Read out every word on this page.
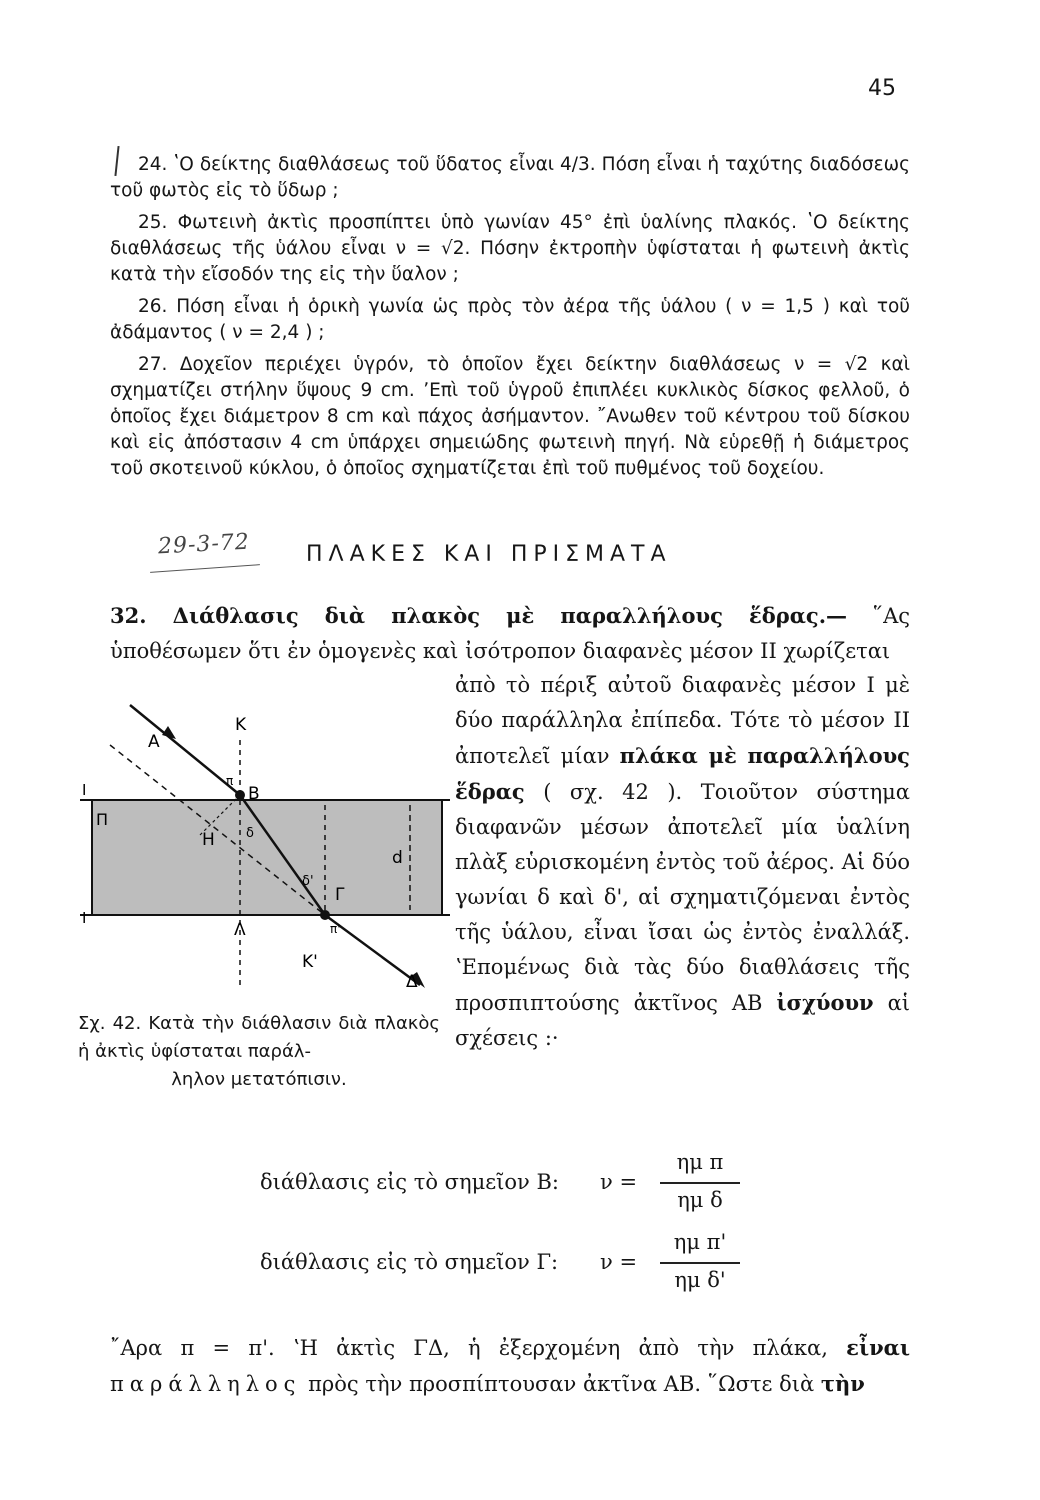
45

24. ʽΟ δείκτης διαθλάσεως τοῦ ὕδατος εἶναι 4/3. Πόση εἶναι ἡ ταχύτης διαδόσεως τοῦ φωτὸς εἰς τὸ ὕδωρ ;

25. Φωτεινὴ ἀκτὶς προσπίπτει ὑπὸ γωνίαν 45° ἐπὶ ὑαλίνης πλακός. ʽΟ δείκτης διαθλάσεως τῆς ὑάλου εἶναι ν = √2. Πόσην ἐκτροπὴν ὑφίσταται ἡ φωτεινὴ ἀκτὶς κατὰ τὴν εἴσοδόν της εἰς τὴν ὕαλον ;

26. Πόση εἶναι ἡ ὁρικὴ γωνία ὡς πρὸς τὸν ἀέρα τῆς ὑάλου ( ν = 1,5 ) καὶ τοῦ ἀδάμαντος ( ν = 2,4 ) ;

27. Δοχεῖον περιέχει ὑγρόν, τὸ ὁποῖον ἔχει δείκτην διαθλάσεως ν = √2 καὶ σχηματίζει στήλην ὕψους 9 cm. ʼΕπὶ τοῦ ὑγροῦ ἐπιπλέει κυκλικὸς δίσκος φελλοῦ, ὁ ὁποῖος ἔχει διάμετρον 8 cm καὶ πάχος ἀσήμαντον. ῎Ανωθεν τοῦ κέντρου τοῦ δίσκου καὶ εἰς ἀπόστασιν 4 cm ὑπάρχει σημειώδης φωτεινὴ πηγή. Νὰ εὑρεθῇ ἡ διάμετρος τοῦ σκοτεινοῦ κύκλου, ὁ ὁποῖος σχηματίζεται ἐπὶ τοῦ πυθμένος τοῦ δοχείου.

29-3-72	ΠΛΑΚΕΣ ΚΑΙ ΠΡΙΣΜΑΤΑ
32. Διάθλασις διὰ πλακὸς μὲ παραλλήλους ἕδρας.— ῞Ας ὑποθέσωμεν ὅτι ἐν ὁμογενὲς καὶ ἰσότροπον διαφανὲς μέσον ΙΙ χωρίζεται
Α
Κ
π
Β
I
Π
Η δ
δ'
Γ
d
I
Λ	π'
Κ'
Δ
Σχ. 42. Κατὰ τὴν διάθλασιν διὰ πλακὸς ἡ ἀκτὶς ὑφίσταται παράλ-
ληλον μετατόπισιν.
ἀπὸ τὸ πέριξ αὐτοῦ διαφανὲς μέσον Ι μὲ δύο παράλληλα ἐπίπεδα. Τότε τὸ μέσον ΙΙ ἀποτελεῖ μίαν πλάκα μὲ παραλλήλους ἕδρας ( σχ. 42 ). Τοιοῦτον σύστημα διαφανῶν μέσων ἀποτελεῖ μία ὑαλίνη πλὰξ εὑρισκομένη ἐντὸς τοῦ ἀέρος. Αἱ δύο γωνίαι δ καὶ δ', αἱ σχηματιζόμεναι ἐντὸς τῆς ὑάλου, εἶναι ἴσαι ὡς ἐντὸς ἐναλλάξ. ʽΕπομένως διὰ τὰς δύο διαθλάσεις τῆς προσπιπτούσης ἀκτῖνος ΑΒ ἰσχύουν αἱ σχέσεις :·
διάθλασις εἰς τὸ σημεῖον Β: ν =
ημ π
ημ δ
διάθλασις εἰς τὸ σημεῖον Γ: ν =
ημ π'
ημ δ'
῎Αρα π = π'. ʽΗ ἀκτὶς ΓΔ, ἡ ἐξερχομένη ἀπὸ τὴν πλάκα, εἶναι παράλληλος πρὸς τὴν προσπίπτουσαν ἀκτῖνα ΑΒ. ῞Ωστε διὰ τὴν
